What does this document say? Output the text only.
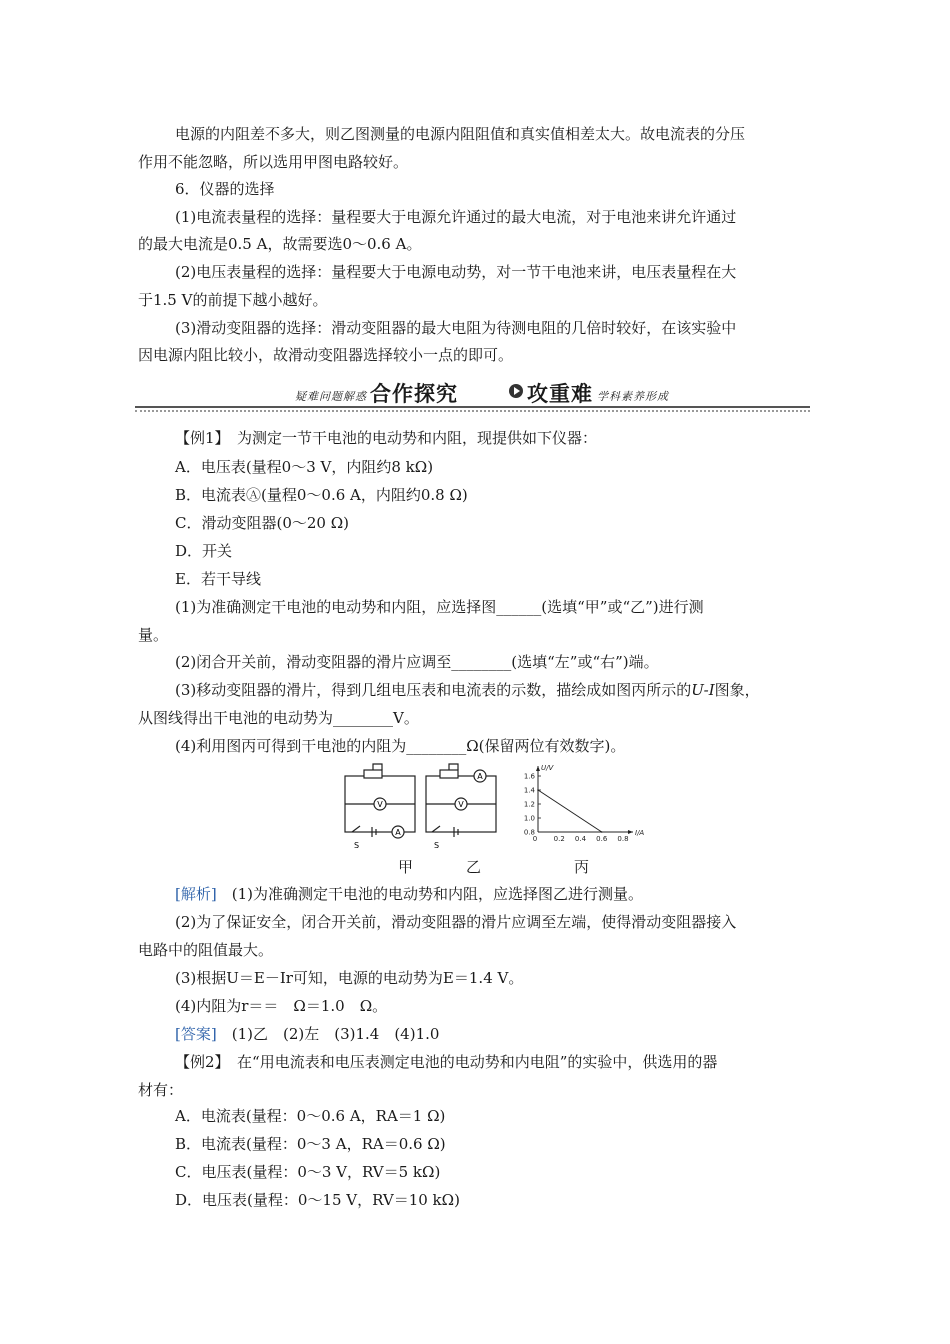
电源的内阻差不多大，则乙图测量的电源内阻阻值和真实值相差太大。故电流表的分压
作用不能忽略，所以选用甲图电路较好。
6．仪器的选择
(1)电流表量程的选择：量程要大于电源允许通过的最大电流，对于电池来讲允许通过
的最大电流是0.5 A，故需要选0～0.6 A。
(2)电压表量程的选择：量程要大于电源电动势，对一节干电池来讲，电压表量程在大
于1.5 V的前提下越小越好。
(3)滑动变阻器的选择：滑动变阻器的最大电阻为待测电阻的几倍时较好，在该实验中
因电源内阻比较小，故滑动变阻器选择较小一点的即可。
疑难问题解惑 合作探究	攻重难 学科素养形成
【例1】　为测定一节干电池的电动势和内阻，现提供如下仪器：
A．电压表(量程0～3 V，内阻约8 kΩ)
B．电流表Ⓐ(量程0～0.6 A，内阻约0.8 Ω)
C．滑动变阻器(0～20 Ω)
D．开关
E．若干导线
(1)为准确测定干电池的电动势和内阻，应选择图______(选填“甲”或“乙”)进行测
量。
(2)闭合开关前，滑动变阻器的滑片应调至________(选填“左”或“右”)端。
(3)移动变阻器的滑片，得到几组电压表和电流表的示数，描绘成如图丙所示的U-I图象，
从图线得出干电池的电动势为________V。
(4)利用图丙可得到干电池的内阻为________Ω(保留两位有效数字)。
V
A
S
A
V
S
1.6
1.4
1.2
1.0
0.8
0 0.2 0.4 0.6 0.8
U/V
I/A
甲	乙	丙
[解析]　 (1)为准确测定干电池的电动势和内阻，应选择图乙进行测量。
(2)为了保证安全，闭合开关前，滑动变阻器的滑片应调至左端，使得滑动变阻器接入
电路中的阻值最大。
(3)根据U＝E－Ir可知，电源的电动势为E＝1.4 V。
(4)内阻为r＝＝　Ω＝1.0　Ω。
[答案]　 (1)乙　(2)左　(3)1.4　(4)1.0
【例2】　在“用电流表和电压表测定电池的电动势和内电阻”的实验中，供选用的器
材有：
A．电流表(量程：0～0.6 A，RA＝1 Ω)
B．电流表(量程：0～3 A，RA＝0.6 Ω)
C．电压表(量程：0～3 V，RV＝5 kΩ)
D．电压表(量程：0～15 V，RV＝10 kΩ)
